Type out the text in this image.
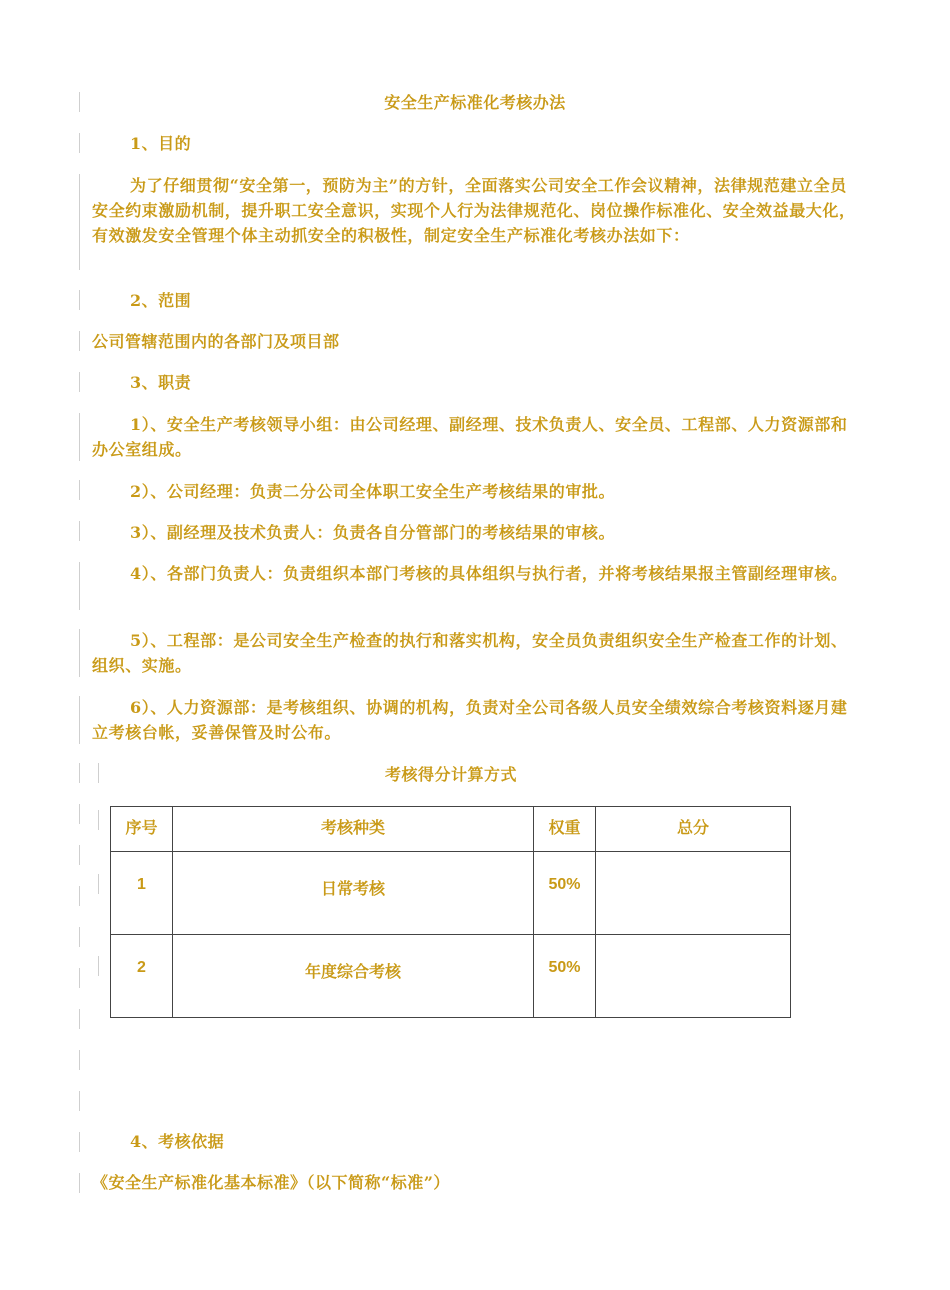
安全生产标准化考核办法
1、目的
为了仔细贯彻“安全第一，预防为主”的方针，全面落实公司安全工作会议精神，法律规范建立全员安全约束激励机制，提升职工安全意识，实现个人行为法律规范化、岗位操作标准化、安全效益最大化，有效激发安全管理个体主动抓安全的积极性，制定安全生产标准化考核办法如下：
2、范围
公司管辖范围内的各部门及项目部
3、职责
1）、安全生产考核领导小组：由公司经理、副经理、技术负责人、安全员、工程部、人力资源部和办公室组成。
2）、公司经理：负责二分公司全体职工安全生产考核结果的审批。
3）、副经理及技术负责人：负责各自分管部门的考核结果的审核。
4）、各部门负责人：负责组织本部门考核的具体组织与执行者，并将考核结果报主管副经理审核。
5）、工程部：是公司安全生产检查的执行和落实机构，安全员负责组织安全生产检查工作的计划、组织、实施。
6）、人力资源部：是考核组织、协调的机构，负责对全公司各级人员安全绩效综合考核资料逐月建立考核台帐，妥善保管及时公布。
考核得分计算方式
序号	考核种类	权重	总分

1	日常考核	50%	

2	年度综合考核	50%	

4、考核依据
《安全生产标准化基本标准》（以下简称“标准”）
